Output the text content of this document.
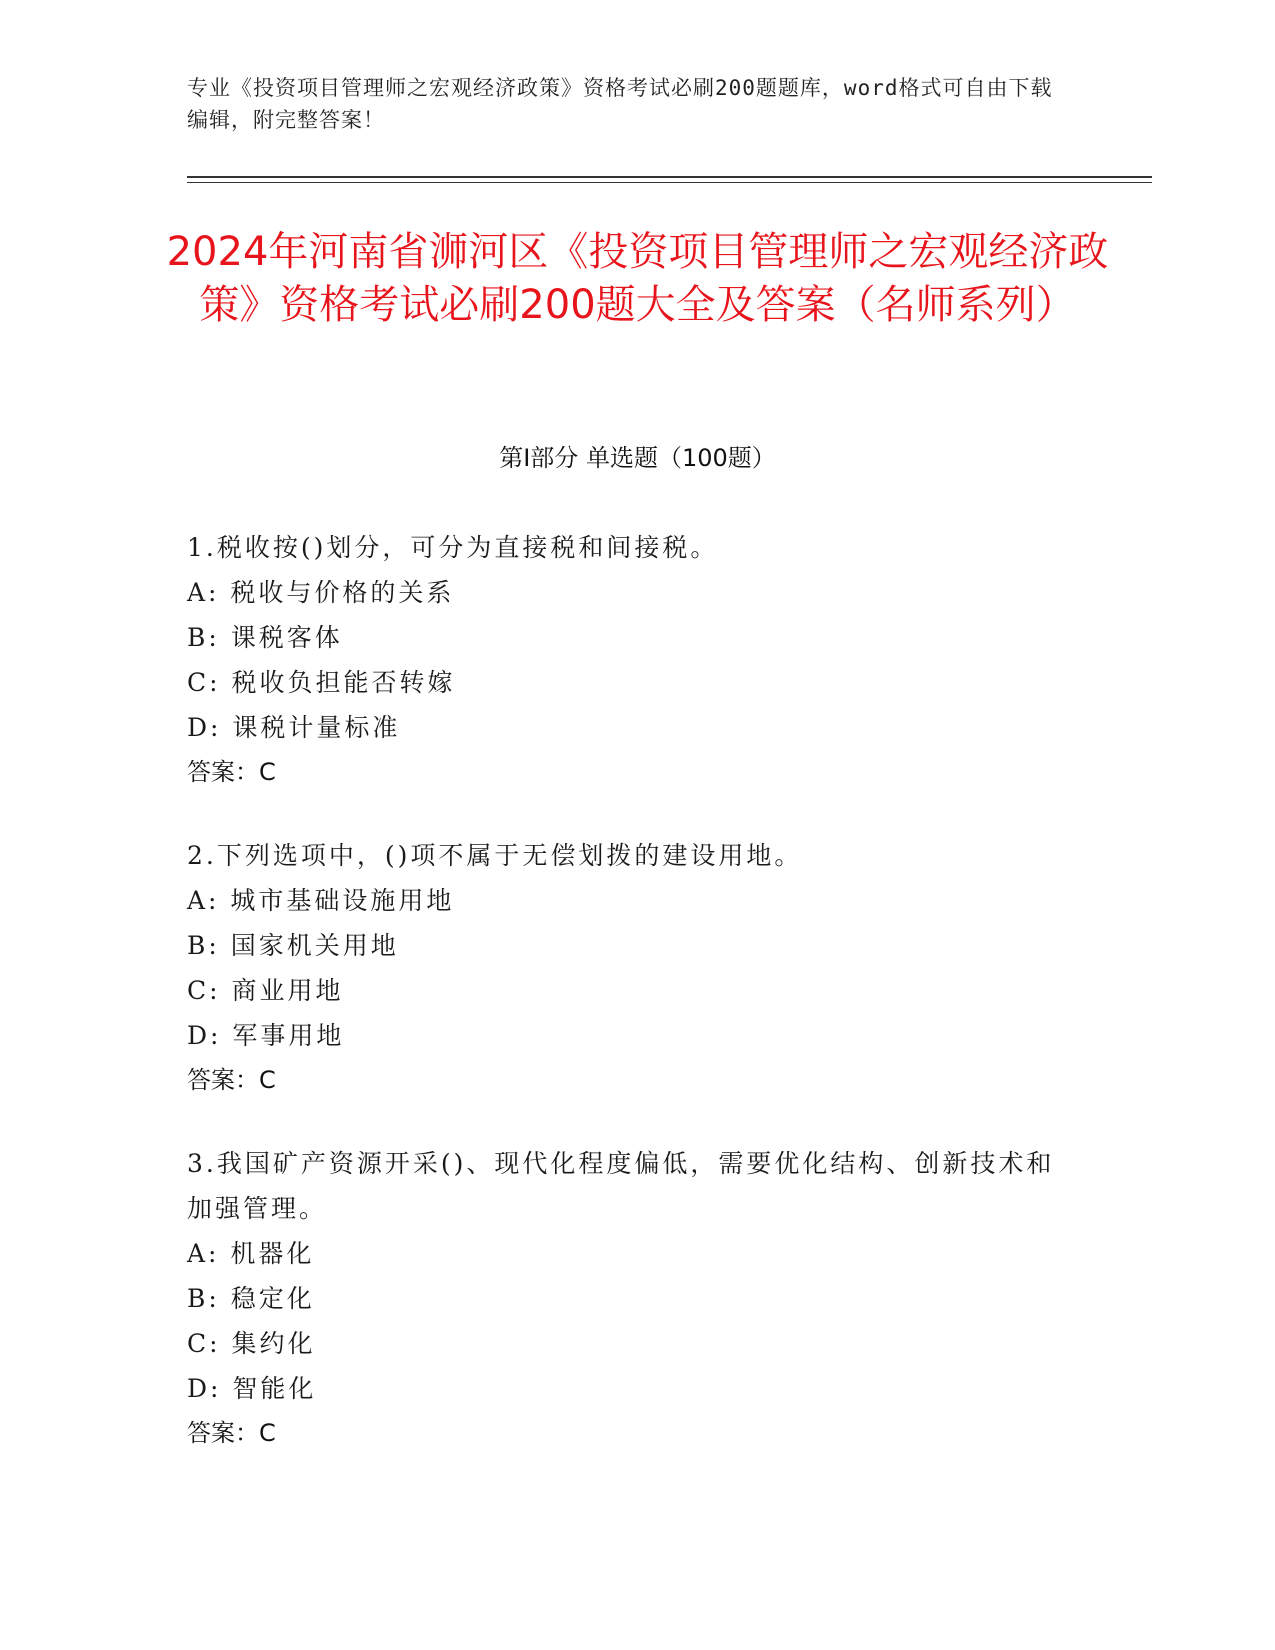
专业《投资项目管理师之宏观经济政策》资格考试必刷200题题库，word格式可自由下载编辑，附完整答案！
2024年河南省浉河区《投资项目管理师之宏观经济政策》资格考试必刷200题大全及答案（名师系列）
第Ⅰ部分 单选题（100题）
1.税收按()划分，可分为直接税和间接税。
A: 税收与价格的关系
B: 课税客体
C: 税收负担能否转嫁
D: 课税计量标准
答案：C
2.下列选项中，()项不属于无偿划拨的建设用地。
A: 城市基础设施用地
B: 国家机关用地
C: 商业用地
D: 军事用地
答案：C
3.我国矿产资源开采()、现代化程度偏低，需要优化结构、创新技术和加强管理。
A: 机器化
B: 稳定化
C: 集约化
D: 智能化
答案：C
